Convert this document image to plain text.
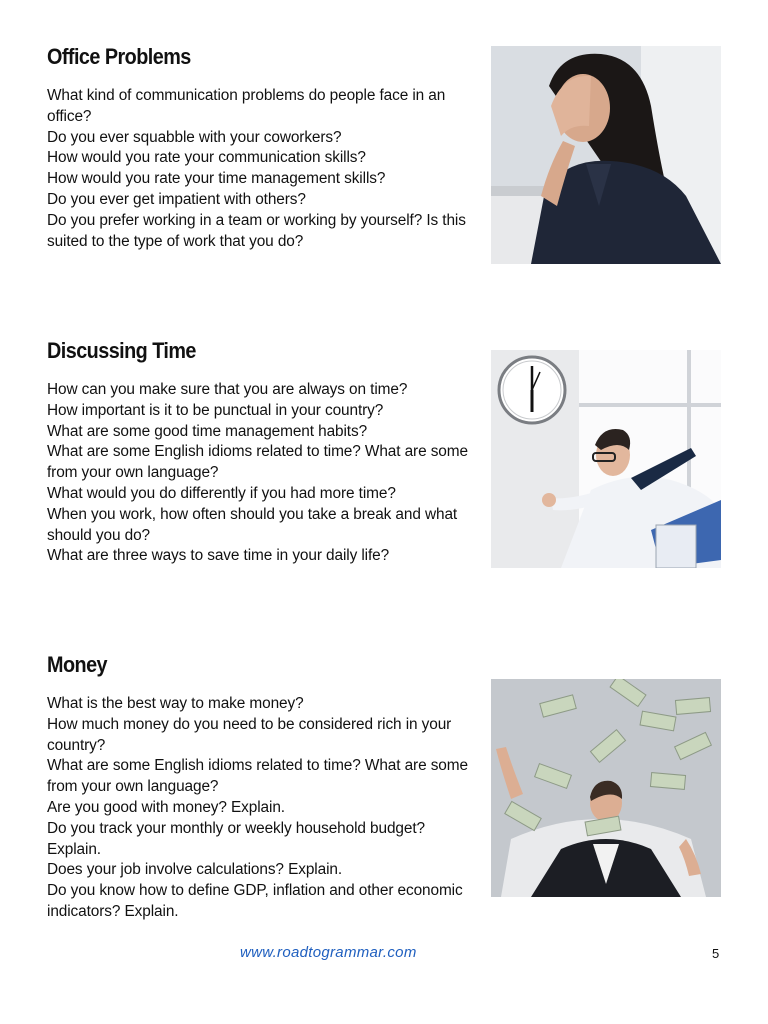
Office Problems
What kind of communication problems do people face in an office?
Do you ever squabble with your coworkers?
How would you rate your communication skills?
How would you rate your time management skills?
Do you ever get impatient with others?
Do you prefer working in a team or working by yourself? Is this suited to the type of work that you do?
Discussing Time
How can you make sure that you are always on time?
How important is it to be punctual in your country?
What are some good time management habits?
What are some English idioms related to time? What are some from your own language?
What would you do differently if you had more time?
When you work, how often should you take a break and what should you do?
What are three ways to save time in your daily life?
Money
What is the best way to make money?
How much money do you need to be considered rich in your country?
What are some English idioms related to time? What are some from your own language?
Are you good with money? Explain.
Do you track your monthly or weekly household budget? Explain.
Does your job involve calculations? Explain.
Do you know how to define GDP, inflation and other economic indicators? Explain.
www.roadtogrammar.com	5
